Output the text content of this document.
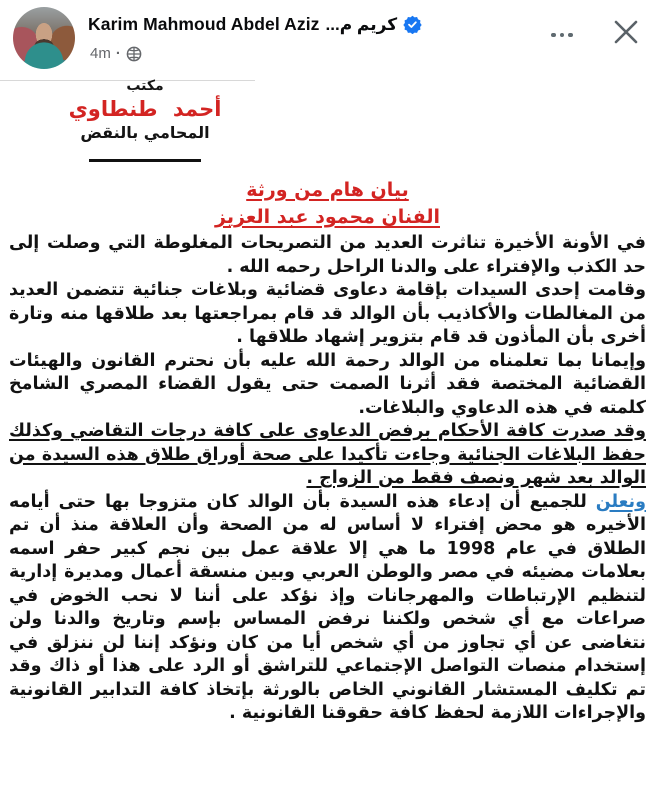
Karim Mahmoud Abdel Aziz كريم م...
4m ·
مكتب
أحمد طنطاوي
المحامي بالنقض
بيان هام من ورثة
الفنان محمود عبد العزيز

في الأونة الأخيرة تناثرت العديد من التصريحات المغلوطة التي وصلت إلى حد الكذب والإفتراء على والدنا الراحل رحمه الله .

وقامت إحدى السيدات بإقامة دعاوى قضائية وبلاغات جنائية تتضمن العديد من المغالطات والأكاذيب بأن الوالد قد قام بمراجعتها بعد طلاقها منه وتارة أخرى بأن المأذون قد قام بتزوير إشهاد طلاقها .

وإيمانا بما تعلمناه من الوالد رحمة الله عليه بأن نحترم القانون والهيئات القضائية المختصة فقد أثرنا الصمت حتى يقول القضاء المصري الشامخ كلمته في هذه الدعاوي والبلاغات.

وقد صدرت كافة الأحكام برفض الدعاوى على كافة درجات التقاضي وكذلك حفظ البلاغات الجنائية وجاءت تأكيدا على صحة أوراق طلاق هذه السيدة من الوالد بعد شهر ونصف فقط من الزواج .

ونعلن للجميع أن إدعاء هذه السيدة بأن الوالد كان متزوجا بها حتى أيامه الأخيره هو محض إفتراء لا أساس له من الصحة وأن العلاقة منذ أن تم الطلاق في عام 1998 ما هي إلا علاقة عمل بين نجم كبير حفر اسمه بعلامات مضيئه في مصر والوطن العربي وبين منسقة أعمال ومديرة إدارية لتنظيم الإرتباطات والمهرجانات وإذ نؤكد على أننا لا نحب الخوض في صراعات مع أي شخص ولكننا نرفض المساس بإسم وتاريخ والدنا ولن نتغاضى عن أي تجاوز من أي شخص أيا من كان ونؤكد إننا لن ننزلق في إستخدام منصات التواصل الإجتماعي للتراشق أو الرد على هذا أو ذاك وقد تم تكليف المستشار القانوني الخاص بالورثة بإتخاذ كافة التدابير القانونية والإجراءات اللازمة لحفظ كافة حقوقنا القانونية .
